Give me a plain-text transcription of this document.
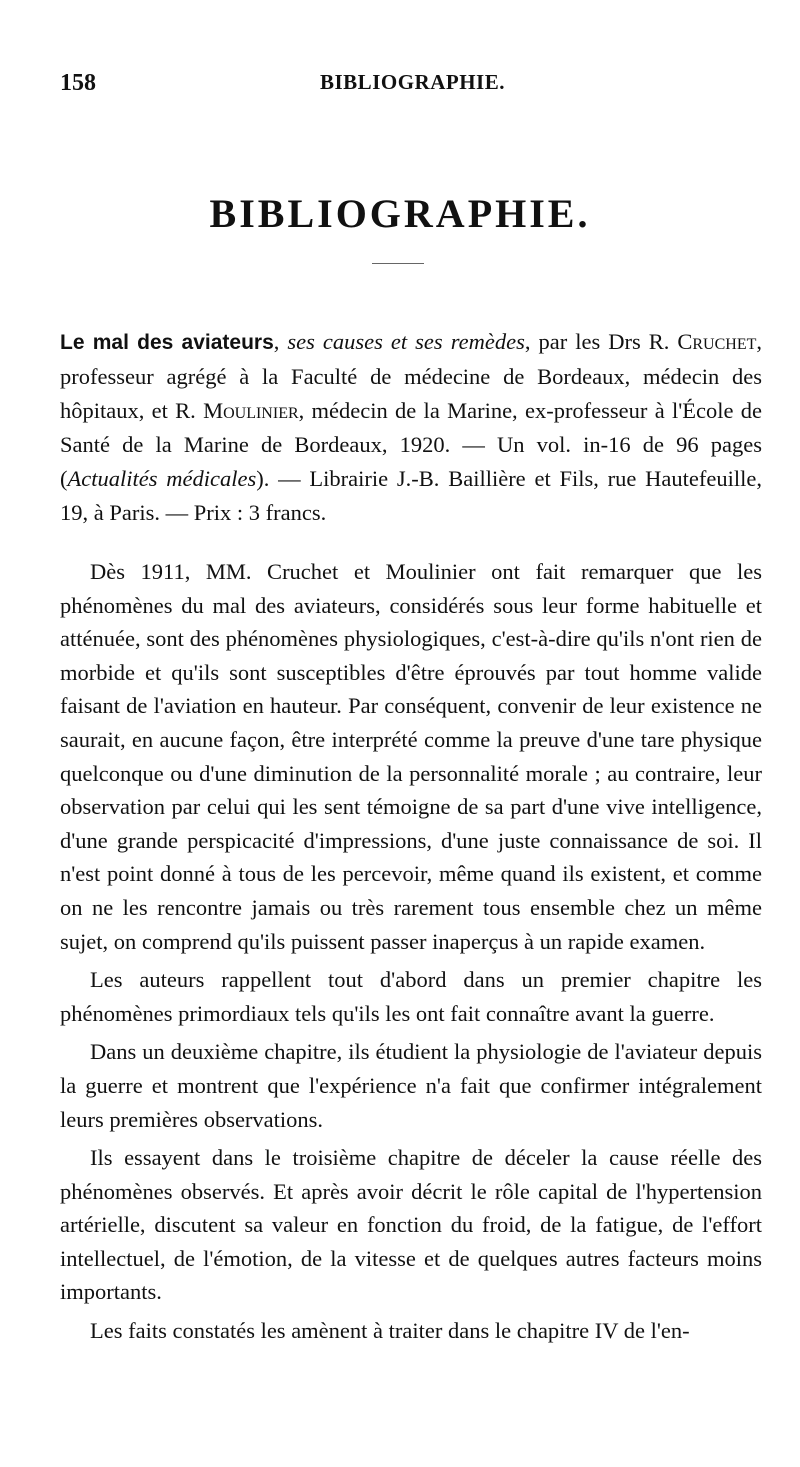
158	BIBLIOGRAPHIE.
BIBLIOGRAPHIE.
Le mal des aviateurs, ses causes et ses remèdes, par les Drs R. Cruchet, professeur agrégé à la Faculté de médecine de Bordeaux, médecin des hôpitaux, et R. Moulinier, médecin de la Marine, ex-professeur à l'École de Santé de la Marine de Bordeaux, 1920. — Un vol. in-16 de 96 pages (Actualités médicales). — Librairie J.-B. Baillière et Fils, rue Hautefeuille, 19, à Paris. — Prix : 3 francs.

Dès 1911, MM. Cruchet et Moulinier ont fait remarquer que les phénomènes du mal des aviateurs, considérés sous leur forme habituelle et atténuée, sont des phénomènes physiologiques, c'est-à-dire qu'ils n'ont rien de morbide et qu'ils sont susceptibles d'être éprouvés par tout homme valide faisant de l'aviation en hauteur. Par conséquent, convenir de leur existence ne saurait, en aucune façon, être interprété comme la preuve d'une tare physique quelconque ou d'une diminution de la personnalité morale ; au contraire, leur observation par celui qui les sent témoigne de sa part d'une vive intelligence, d'une grande perspicacité d'impressions, d'une juste connaissance de soi. Il n'est point donné à tous de les percevoir, même quand ils existent, et comme on ne les rencontre jamais ou très rarement tous ensemble chez un même sujet, on comprend qu'ils puissent passer inaperçus à un rapide examen.

Les auteurs rappellent tout d'abord dans un premier chapitre les phénomènes primordiaux tels qu'ils les ont fait connaître avant la guerre.

Dans un deuxième chapitre, ils étudient la physiologie de l'aviateur depuis la guerre et montrent que l'expérience n'a fait que confirmer intégralement leurs premières observations.

Ils essayent dans le troisième chapitre de déceler la cause réelle des phénomènes observés. Et après avoir décrit le rôle capital de l'hypertension artérielle, discutent sa valeur en fonction du froid, de la fatigue, de l'effort intellectuel, de l'émotion, de la vitesse et de quelques autres facteurs moins importants.

Les faits constatés les amènent à traiter dans le chapitre IV de l'en-
